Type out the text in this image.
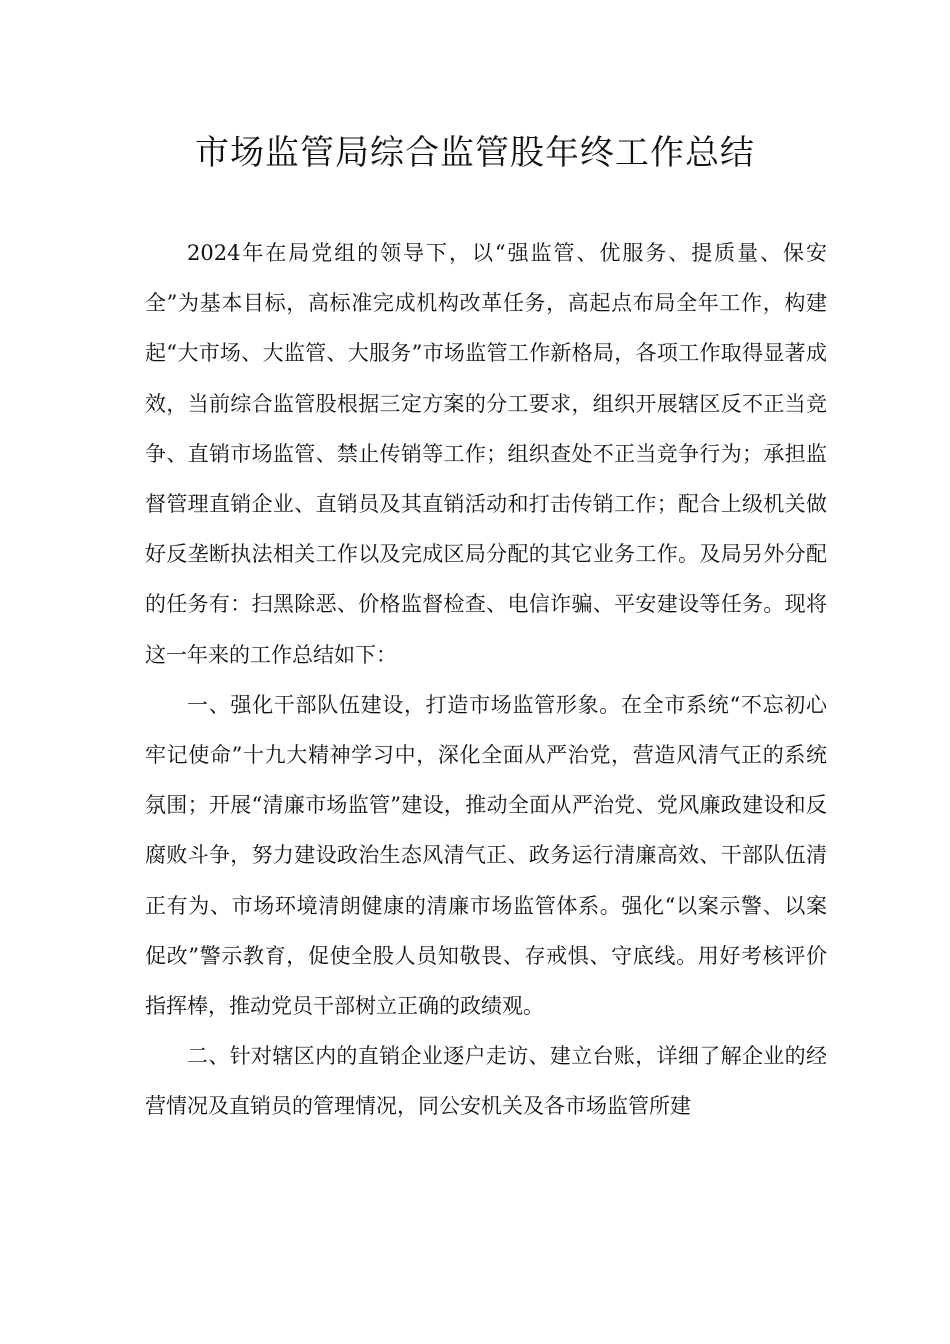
市场监管局综合监管股年终工作总结

2024年在局党组的领导下，以“强监管、优服务、提质量、保安全”为基本目标，高标准完成机构改革任务，高起点布局全年工作，构建起“大市场、大监管、大服务”市场监管工作新格局，各项工作取得显著成效，当前综合监管股根据三定方案的分工要求，组织开展辖区反不正当竞争、直销市场监管、禁止传销等工作；组织查处不正当竞争行为；承担监督管理直销企业、直销员及其直销活动和打击传销工作；配合上级机关做好反垄断执法相关工作以及完成区局分配的其它业务工作。及局另外分配的任务有：扫黑除恶、价格监督检查、电信诈骗、平安建设等任务。现将这一年来的工作总结如下：

一、强化干部队伍建设，打造市场监管形象。在全市系统“不忘初心 牢记使命”十九大精神学习中，深化全面从严治党，营造风清气正的系统氛围；开展“清廉市场监管”建设，推动全面从严治党、党风廉政建设和反腐败斗争，努力建设政治生态风清气正、政务运行清廉高效、干部队伍清正有为、市场环境清朗健康的清廉市场监管体系。强化“以案示警、以案促改”警示教育，促使全股人员知敬畏、存戒惧、守底线。用好考核评价指挥棒，推动党员干部树立正确的政绩观。

二、针对辖区内的直销企业逐户走访、建立台账，详细了解企业的经营情况及直销员的管理情况，同公安机关及各市场监管所建
